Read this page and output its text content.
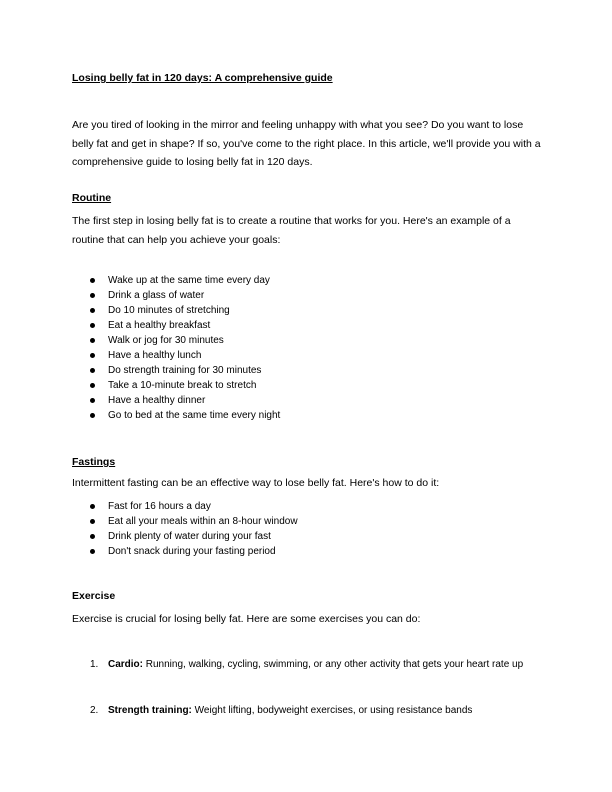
Losing belly fat in 120 days: A comprehensive guide

Are you tired of looking in the mirror and feeling unhappy with what you see? Do you want to lose belly fat and get in shape? If so, you've come to the right place. In this article, we'll provide you with a comprehensive guide to losing belly fat in 120 days.

Routine

The first step in losing belly fat is to create a routine that works for you. Here's an example of a routine that can help you achieve your goals:

Wake up at the same time every day
Drink a glass of water
Do 10 minutes of stretching
Eat a healthy breakfast
Walk or jog for 30 minutes
Have a healthy lunch
Do strength training for 30 minutes
Take a 10-minute break to stretch
Have a healthy dinner
Go to bed at the same time every night

Fastings

Intermittent fasting can be an effective way to lose belly fat. Here's how to do it:

Fast for 16 hours a day
Eat all your meals within an 8-hour window
Drink plenty of water during your fast
Don't snack during your fasting period

Exercise

Exercise is crucial for losing belly fat. Here are some exercises you can do:

1. Cardio: Running, walking, cycling, swimming, or any other activity that gets your heart rate up
2. Strength training: Weight lifting, bodyweight exercises, or using resistance bands
